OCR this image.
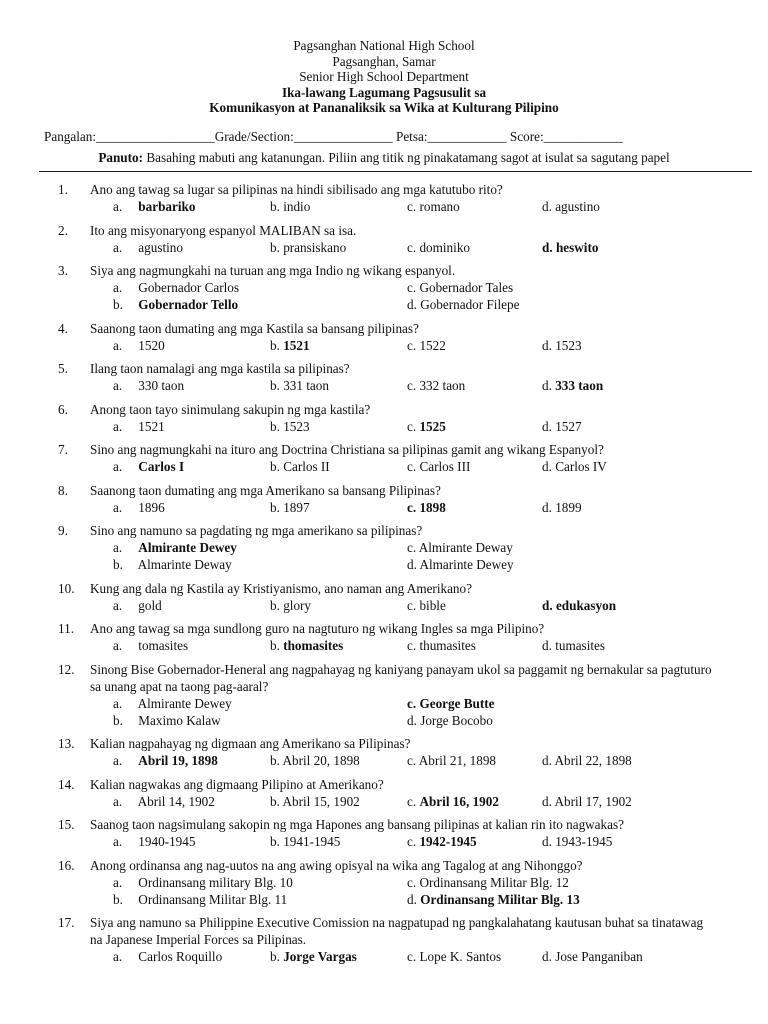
Pagsanghan National High School
Pagsanghan, Samar
Senior High School Department
Ika-lawang Lagumang Pagsusulit sa
Komunikasyon at Pananaliksik sa Wika at Kulturang Pilipino
Pangalan:__________________Grade/Section:_______________ Petsa:____________ Score:____________
Panuto: Basahing mabuti ang katanungan. Piliin ang titik ng pinakatamang sagot at isulat sa sagutang papel
1.	Ano ang tawag sa lugar sa pilipinas na hindi sibilisado ang mga katutubo rito?
a. barbariko	b. indio	c. romano	d. agustino
2.	Ito ang misyonaryong espanyol MALIBAN sa isa.
a. agustino	b. pransiskano	c. dominiko	d. heswito
3.	Siya ang nagmungkahi na turuan ang mga Indio ng wikang espanyol.
a. Gobernador Carlos	c. Gobernador Tales
b. Gobernador Tello	d. Gobernador Filepe
4.	Saanong taon dumating ang mga Kastila sa bansang pilipinas?
a. 1520	b. 1521	c. 1522	d. 1523
5.	Ilang taon namalagi ang mga kastila sa pilipinas?
a. 330 taon	b. 331 taon	c. 332 taon	d. 333 taon
6.	Anong taon tayo sinimulang sakupin ng mga kastila?
a. 1521	b. 1523	c. 1525	d. 1527
7.	Sino ang nagmungkahi na ituro ang Doctrina Christiana sa pilipinas gamit ang wikang Espanyol?
a. Carlos I	b. Carlos II	c. Carlos III	d. Carlos IV
8.	Saanong taon dumating ang mga Amerikano sa bansang Pilipinas?
a. 1896	b. 1897	c. 1898	d. 1899
9.	Sino ang namuno sa pagdating ng mga amerikano sa pilipinas?
a. Almirante Dewey	c. Almirante Deway
b. Almarinte Deway	d. Almarinte Dewey
10.	Kung ang dala ng Kastila ay Kristiyanismo, ano naman ang Amerikano?
a. gold	b. glory	c. bible	d. edukasyon
11.	Ano ang tawag sa mga sundlong guro na nagtuturo ng wikang Ingles sa mga Pilipino?
a. tomasites	b. thomasites	c. thumasites	d. tumasites
12.	Sinong Bise Gobernador-Heneral ang nagpahayag ng kaniyang panayam ukol sa paggamit ng bernakular sa pagtuturo sa unang apat na taong pag-aaral?
a. Almirante Dewey	c. George Butte
b. Maximo Kalaw	d. Jorge Bocobo
13.	Kalian nagpahayag ng digmaan ang Amerikano sa Pilipinas?
a. Abril 19, 1898	b. Abril 20, 1898	c. Abril 21, 1898	d. Abril 22, 1898
14.	Kalian nagwakas ang digmaang Pilipino at Amerikano?
a. Abril 14, 1902	b. Abril 15, 1902	c. Abril 16, 1902	d. Abril 17, 1902
15.	Saanog taon nagsimulang sakopin ng mga Hapones ang bansang pilipinas at kalian rin ito nagwakas?
a. 1940-1945	b. 1941-1945	c. 1942-1945	d. 1943-1945
16.	Anong ordinansa ang nag-uutos na ang awing opisyal na wika ang Tagalog at ang Nihonggo?
a. Ordinansang military Blg. 10	c. Ordinansang Militar Blg. 12
b. Ordinansang Militar Blg. 11	d. Ordinansang Militar Blg. 13
17.	Siya ang namuno sa Philippine Executive Comission na nagpatupad ng pangkalahatang kautusan buhat sa tinatawag na Japanese Imperial Forces sa Pilipinas.
a. Carlos Roquillo	b. Jorge Vargas	c. Lope K. Santos	d. Jose Panganiban
